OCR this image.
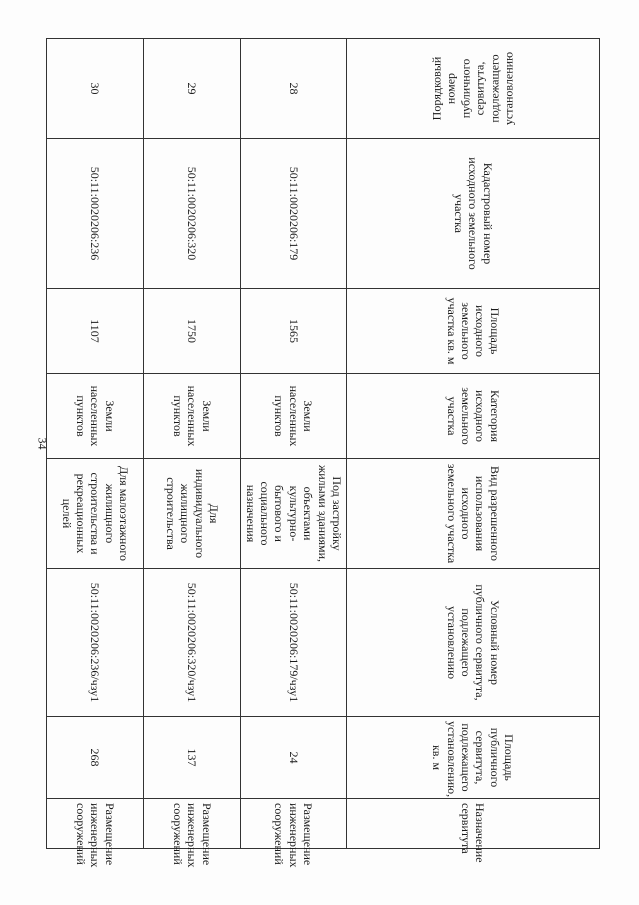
34
Порядковый номер публичного сервитута, подлежащего установлению	Кадастровый номер исходного земельного участка	Площадь исходного земельного участка кв. м	Категория исходного земельного участка	Вид разрешенного использования исходного земельного участка	Условный номер публичного сервитута, подлежащего установлению	Площадь публичного сервитута, подлежащего установлению, кв. м	Назначение сервитута
28	50:11:0020206:179	1565	Земли населенных пунктов	Под застройку жилыми зданиями, объектами культурно-бытового и социального назначения	50:11:0020206:179/чзу1	24	Размещение инженерных сооружений
29	50:11:0020206:320	1750	Земли населенных пунктов	Для индивидуального жилищного строительства	50:11:0020206:320/чзу1	137	Размещение инженерных сооружений
30	50:11:0020206:236	1107	Земли населенных пунктов	Для малоэтажного жилищного строительства и рекреационных целей	50:11:0020206:236/чзу1	268	Размещение инженерных сооружений
